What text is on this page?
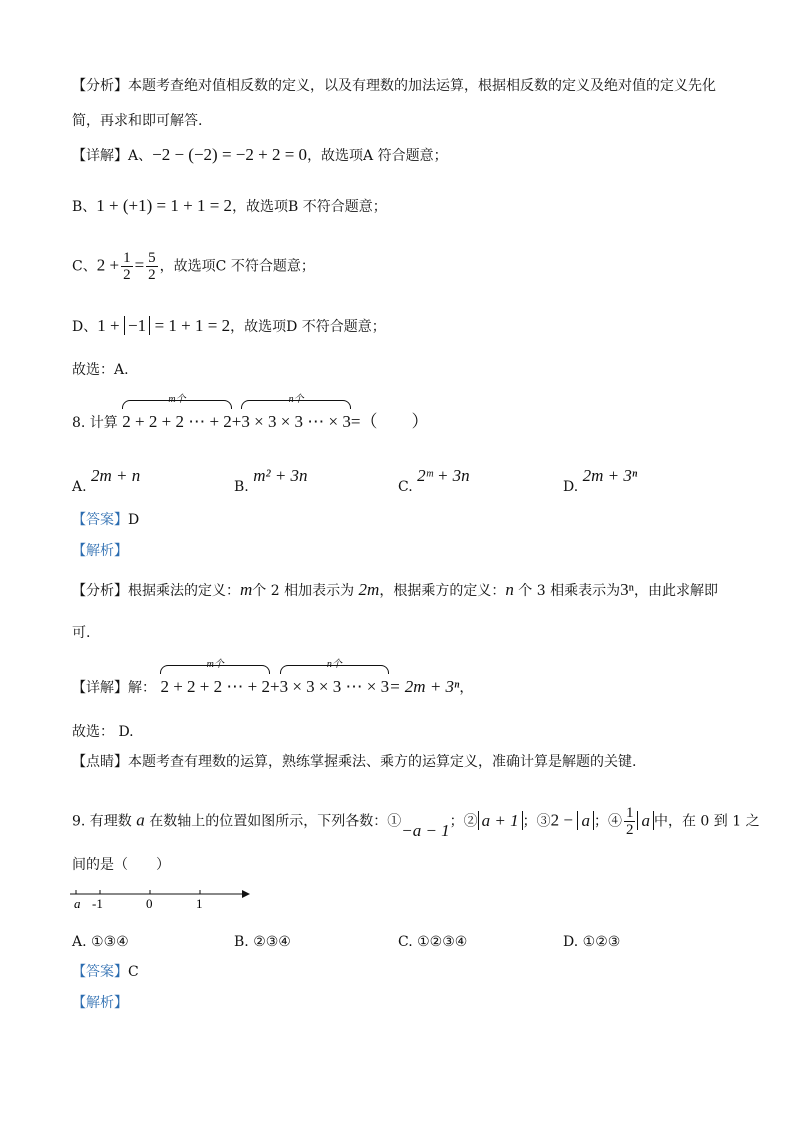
【分析】本题考查绝对值相反数的定义，以及有理数的加法运算，根据相反数的定义及绝对值的定义先化
简，再求和即可解答.
【详解】A、−2 − (−2) = −2 + 2 = 0，故选项A 符合题意；
B、1 + (+1) = 1 + 1 = 2，故选项B 不符合题意；
C、$2 + \frac{1}{2} = \frac{5}{2}$ ，故选项C 不符合题意；
D、1 + −1 = 1 + 1 = 2，故选项D 不符合题意；
故选：A.
8. 计算
m个
2 + 2 + 2 ⋯ + 2+
n个
3 × 3 × 3 ⋯ × 3=（　　）
A. 2m + n
B. m² + 3n
C. 2ᵐ + 3n
D. 2m + 3ⁿ
【答案】D
【解析】
【分析】根据乘法的定义：m个 2 相加表示为 2m，根据乘方的定义：n 个 3 相乘表示为3ⁿ，由此求解即
可.
【详解】解：
m个
2 + 2 + 2 ⋯ + 2+
n个
3 × 3 × 3 ⋯ × 3= 2m + 3ⁿ，
故选： D.
【点睛】本题考查有理数的运算，熟练掌握乘法、乘方的运算定义，准确计算是解题的关键.
9. 有理数 a 在数轴上的位置如图所示，下列各数：①−a − 1；② a + 1 ；③2 − a ；④ $\frac{1}{2}$ a 中，在 0 到 1 之
间的是（　　）
a -1	0	1
A. ①③④	B. ②③④	C. ①②③④	D. ①②③
【答案】C
【解析】
